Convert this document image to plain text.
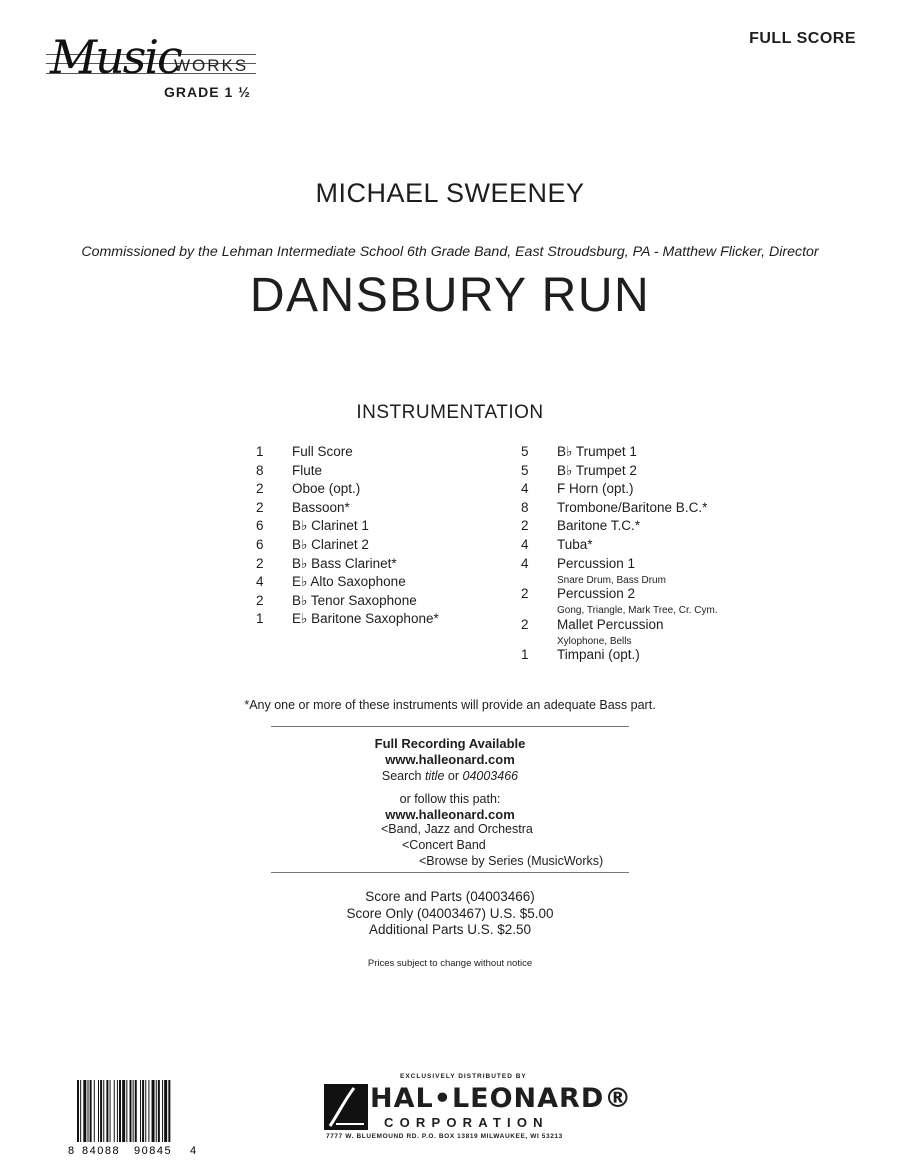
Music
WORKS
GRADE 1 ½
FULL SCORE
MICHAEL SWEENEY
Commissioned by the Lehman Intermediate School 6th Grade Band, East Stroudsburg, PA - Matthew Flicker, Director
DANSBURY RUN
INSTRUMENTATION
1	Full Score
8	Flute
2	Oboe (opt.)
2	Bassoon*
6	B♭ Clarinet 1
6	B♭ Clarinet 2
2	B♭ Bass Clarinet*
4	E♭ Alto Saxophone
2	B♭ Tenor Saxophone
1	E♭ Baritone Saxophone*
5	B♭ Trumpet 1
5	B♭ Trumpet 2
4	F Horn (opt.)
8	Trombone/Baritone B.C.*
2	Baritone T.C.*
4	Tuba*
4	Percussion 1
Snare Drum, Bass Drum
2	Percussion 2
Gong, Triangle, Mark Tree, Cr. Cym.
2	Mallet Percussion
Xylophone, Bells
1	Timpani (opt.)
*Any one or more of these instruments will provide an adequate Bass part.
Full Recording Available
www.halleonard.com
Search title or 04003466
or follow this path:
www.halleonard.com
<Band, Jazz and Orchestra
<Concert Band
<Browse by Series (MusicWorks)
Score and Parts (04003466)
Score Only (04003467) U.S. $5.00
Additional Parts U.S. $2.50
Prices subject to change without notice
8 84088 90845 4
EXCLUSIVELY DISTRIBUTED BY
HAL•LEONARD®
CORPORATION
7777 W. BLUEMOUND RD. P.O. BOX 13819 MILWAUKEE, WI 53213
